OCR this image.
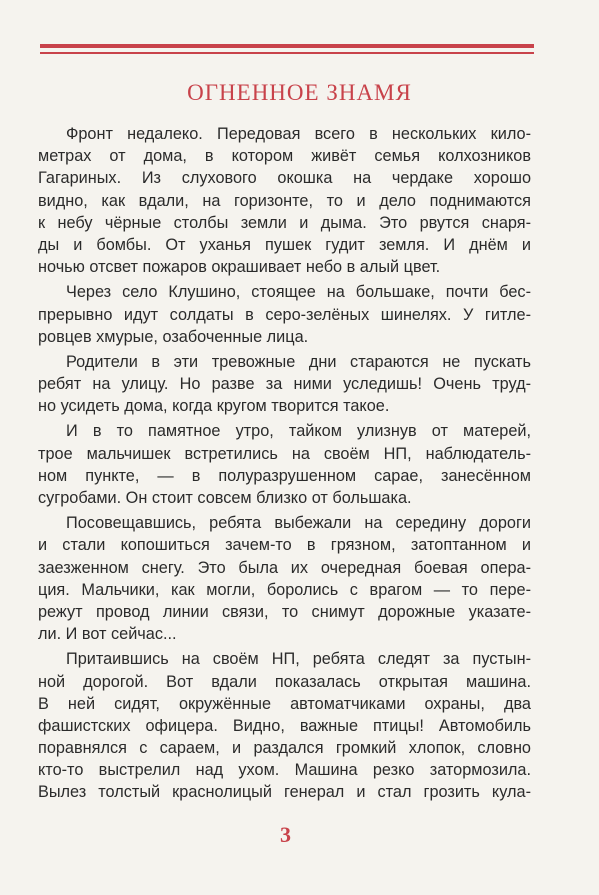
ОГНЕННОЕ ЗНАМЯ
Фронт недалеко. Передовая всего в нескольких кило-
метрах от дома, в котором живёт семья колхозников
Гагариных. Из слухового окошка на чердаке хорошо
видно, как вдали, на горизонте, то и дело поднимаются
к небу чёрные столбы земли и дыма. Это рвутся снаря-
ды и бомбы. От уханья пушек гудит земля. И днём и
ночью отсвет пожаров окрашивает небо в алый цвет.
Через село Клушино, стоящее на большаке, почти бес-
прерывно идут солдаты в серо-зелёных шинелях. У гитле-
ровцев хмурые, озабоченные лица.
Родители в эти тревожные дни стараются не пускать
ребят на улицу. Но разве за ними уследишь! Очень труд-
но усидеть дома, когда кругом творится такое.
И в то памятное утро, тайком улизнув от матерей,
трое мальчишек встретились на своём НП, наблюдатель-
ном пункте, — в полуразрушенном сарае, занесённом
сугробами. Он стоит совсем близко от большака.
Посовещавшись, ребята выбежали на середину дороги
и стали копошиться зачем-то в грязном, затоптанном и
заезженном снегу. Это была их очередная боевая опера-
ция. Мальчики, как могли, боролись с врагом — то пере-
режут провод линии связи, то снимут дорожные указате-
ли. И вот сейчас...
Притаившись на своём НП, ребята следят за пустын-
ной дорогой. Вот вдали показалась открытая машина.
В ней сидят, окружённые автоматчиками охраны, два
фашистских офицера. Видно, важные птицы! Автомобиль
поравнялся с сараем, и раздался громкий хлопок, словно
кто-то выстрелил над ухом. Машина резко затормозила.
Вылез толстый краснолицый генерал и стал грозить кула-
3
